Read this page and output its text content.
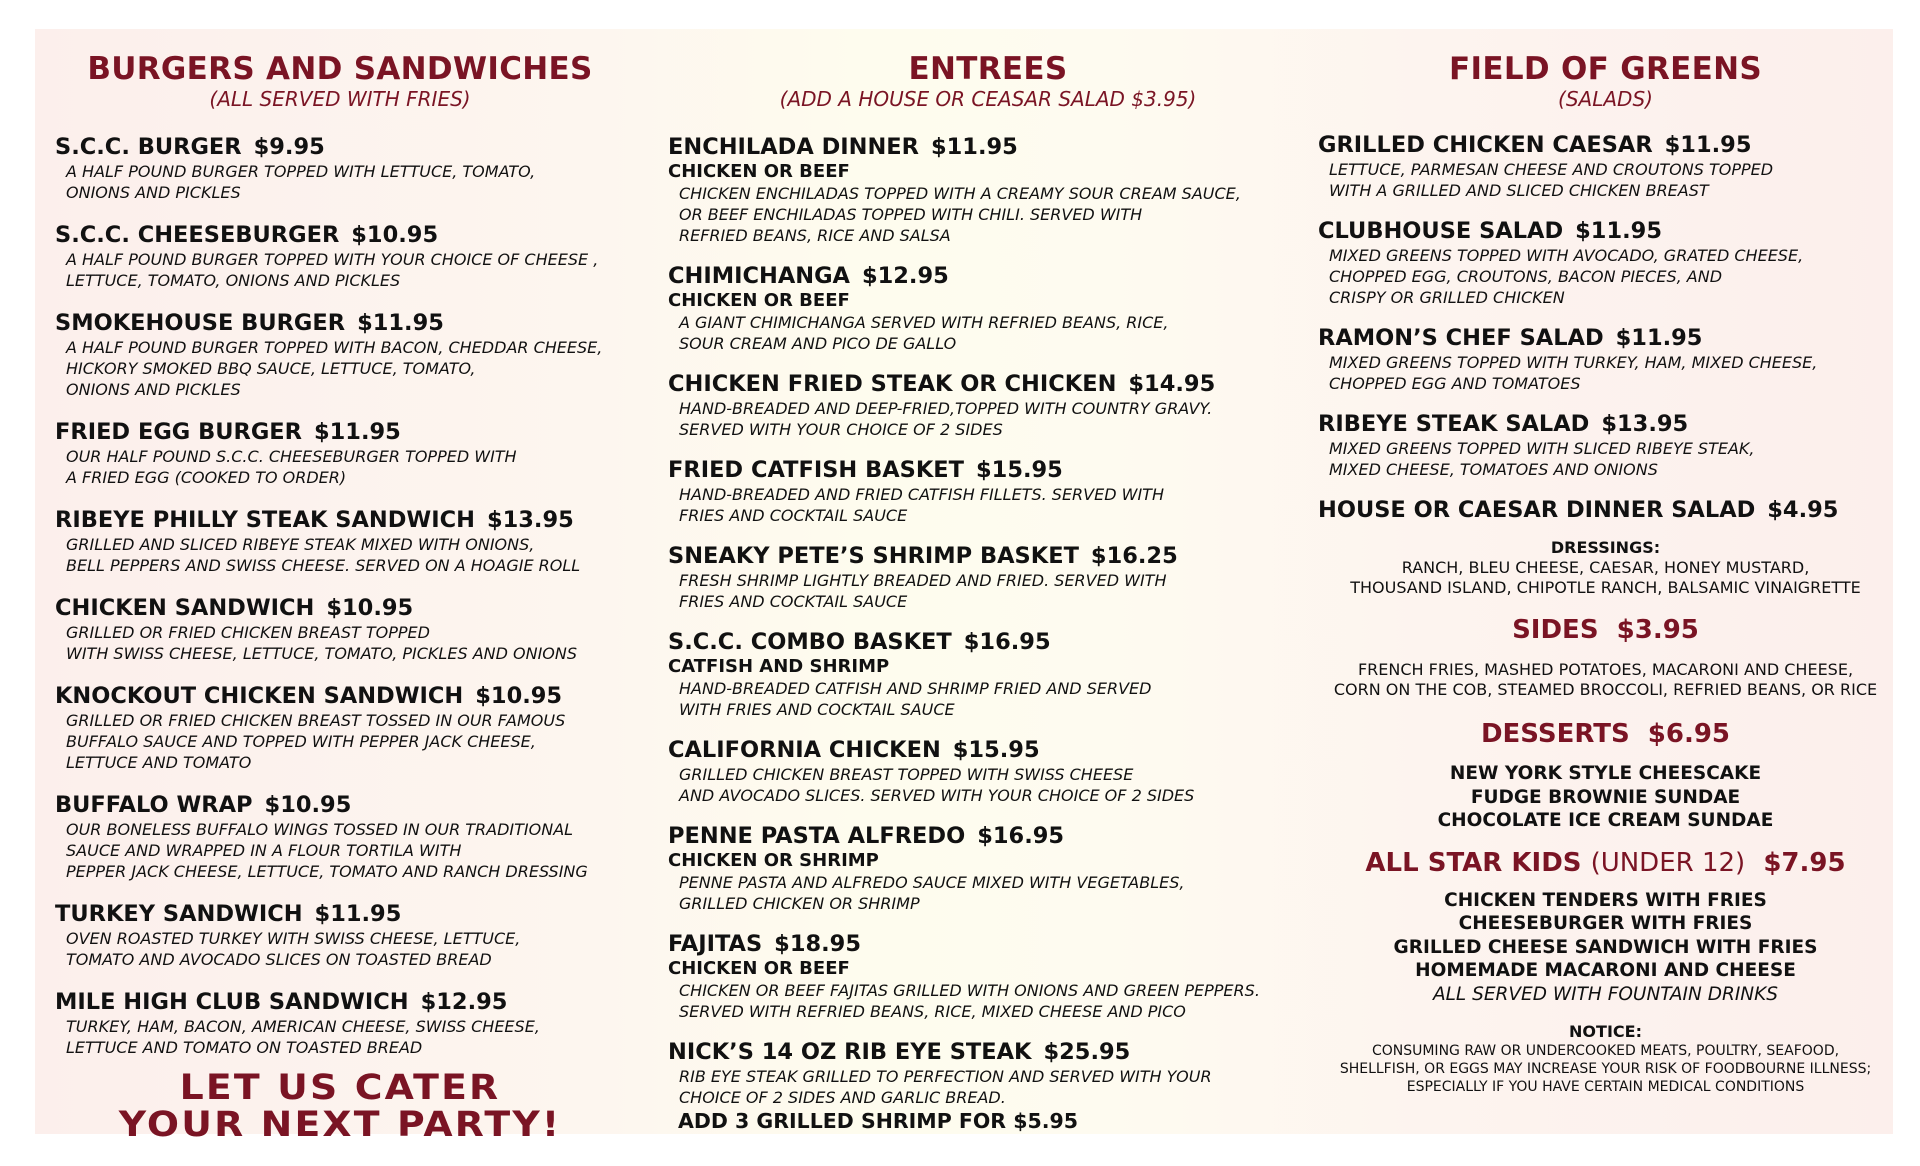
BURGERS AND SANDWICHES
(ALL SERVED WITH FRIES)
S.C.C. BURGER $9.95
A HALF POUND BURGER TOPPED WITH LETTUCE, TOMATO,
ONIONS AND PICKLES
S.C.C. CHEESEBURGER $10.95
A HALF POUND BURGER TOPPED WITH YOUR CHOICE OF CHEESE ,
LETTUCE, TOMATO, ONIONS AND PICKLES
SMOKEHOUSE BURGER $11.95
A HALF POUND BURGER TOPPED WITH BACON, CHEDDAR CHEESE,
HICKORY SMOKED BBQ SAUCE, LETTUCE, TOMATO,
ONIONS AND PICKLES
FRIED EGG BURGER $11.95
OUR HALF POUND S.C.C. CHEESEBURGER TOPPED WITH
A FRIED EGG (COOKED TO ORDER)
RIBEYE PHILLY STEAK SANDWICH $13.95
GRILLED AND SLICED RIBEYE STEAK MIXED WITH ONIONS,
BELL PEPPERS AND SWISS CHEESE. SERVED ON A HOAGIE ROLL
CHICKEN SANDWICH $10.95
GRILLED OR FRIED CHICKEN BREAST TOPPED
WITH SWISS CHEESE, LETTUCE, TOMATO, PICKLES AND ONIONS
KNOCKOUT CHICKEN SANDWICH $10.95
GRILLED OR FRIED CHICKEN BREAST TOSSED IN OUR FAMOUS
BUFFALO SAUCE AND TOPPED WITH PEPPER JACK CHEESE,
LETTUCE AND TOMATO
BUFFALO WRAP $10.95
OUR BONELESS BUFFALO WINGS TOSSED IN OUR TRADITIONAL
SAUCE AND WRAPPED IN A FLOUR TORTILA WITH
PEPPER JACK CHEESE, LETTUCE, TOMATO AND RANCH DRESSING
TURKEY SANDWICH $11.95
OVEN ROASTED TURKEY WITH SWISS CHEESE, LETTUCE,
TOMATO AND AVOCADO SLICES ON TOASTED BREAD
MILE HIGH CLUB SANDWICH $12.95
TURKEY, HAM, BACON, AMERICAN CHEESE, SWISS CHEESE,
LETTUCE AND TOMATO ON TOASTED BREAD
LET US CATER
YOUR NEXT PARTY!
ENTREES
(ADD A HOUSE OR CEASAR SALAD $3.95)
ENCHILADA DINNER $11.95
CHICKEN OR BEEF
CHICKEN ENCHILADAS TOPPED WITH A CREAMY SOUR CREAM SAUCE,
OR BEEF ENCHILADAS TOPPED WITH CHILI. SERVED WITH
REFRIED BEANS, RICE AND SALSA
CHIMICHANGA $12.95
CHICKEN OR BEEF
A GIANT CHIMICHANGA SERVED WITH REFRIED BEANS, RICE,
SOUR CREAM AND PICO DE GALLO
CHICKEN FRIED STEAK OR CHICKEN $14.95
HAND-BREADED AND DEEP-FRIED,TOPPED WITH COUNTRY GRAVY.
SERVED WITH YOUR CHOICE OF 2 SIDES
FRIED CATFISH BASKET $15.95
HAND-BREADED AND FRIED CATFISH FILLETS. SERVED WITH
FRIES AND COCKTAIL SAUCE
SNEAKY PETE’S SHRIMP BASKET $16.25
FRESH SHRIMP LIGHTLY BREADED AND FRIED. SERVED WITH
FRIES AND COCKTAIL SAUCE
S.C.C. COMBO BASKET $16.95
CATFISH AND SHRIMP
HAND-BREADED CATFISH AND SHRIMP FRIED AND SERVED
WITH FRIES AND COCKTAIL SAUCE
CALIFORNIA CHICKEN $15.95
GRILLED CHICKEN BREAST TOPPED WITH SWISS CHEESE
AND AVOCADO SLICES. SERVED WITH YOUR CHOICE OF 2 SIDES
PENNE PASTA ALFREDO $16.95
CHICKEN OR SHRIMP
PENNE PASTA AND ALFREDO SAUCE MIXED WITH VEGETABLES,
GRILLED CHICKEN OR SHRIMP
FAJITAS $18.95
CHICKEN OR BEEF
CHICKEN OR BEEF FAJITAS GRILLED WITH ONIONS AND GREEN PEPPERS.
SERVED WITH REFRIED BEANS, RICE, MIXED CHEESE AND PICO
NICK’S 14 OZ RIB EYE STEAK $25.95
RIB EYE STEAK GRILLED TO PERFECTION AND SERVED WITH YOUR
CHOICE OF 2 SIDES AND GARLIC BREAD.
ADD 3 GRILLED SHRIMP FOR $5.95
FIELD OF GREENS
(SALADS)
GRILLED CHICKEN CAESAR $11.95
LETTUCE, PARMESAN CHEESE AND CROUTONS TOPPED
WITH A GRILLED AND SLICED CHICKEN BREAST
CLUBHOUSE SALAD $11.95
MIXED GREENS TOPPED WITH AVOCADO, GRATED CHEESE,
CHOPPED EGG, CROUTONS, BACON PIECES, AND
CRISPY OR GRILLED CHICKEN
RAMON’S CHEF SALAD $11.95
MIXED GREENS TOPPED WITH TURKEY, HAM, MIXED CHEESE,
CHOPPED EGG AND TOMATOES
RIBEYE STEAK SALAD $13.95
MIXED GREENS TOPPED WITH SLICED RIBEYE STEAK,
MIXED CHEESE, TOMATOES AND ONIONS
HOUSE OR CAESAR DINNER SALAD $4.95
DRESSINGS:
RANCH, BLEU CHEESE, CAESAR, HONEY MUSTARD,
THOUSAND ISLAND, CHIPOTLE RANCH, BALSAMIC VINAIGRETTE
SIDES $3.95
FRENCH FRIES, MASHED POTATOES, MACARONI AND CHEESE,
CORN ON THE COB, STEAMED BROCCOLI, REFRIED BEANS, OR RICE
DESSERTS $6.95
NEW YORK STYLE CHEESCAKE
FUDGE BROWNIE SUNDAE
CHOCOLATE ICE CREAM SUNDAE
ALL STAR KIDS (UNDER 12) $7.95
CHICKEN TENDERS WITH FRIES
CHEESEBURGER WITH FRIES
GRILLED CHEESE SANDWICH WITH FRIES
HOMEMADE MACARONI AND CHEESE
ALL SERVED WITH FOUNTAIN DRINKS
NOTICE:
CONSUMING RAW OR UNDERCOOKED MEATS, POULTRY, SEAFOOD,
SHELLFISH, OR EGGS MAY INCREASE YOUR RISK OF FOODBOURNE ILLNESS;
ESPECIALLY IF YOU HAVE CERTAIN MEDICAL CONDITIONS
